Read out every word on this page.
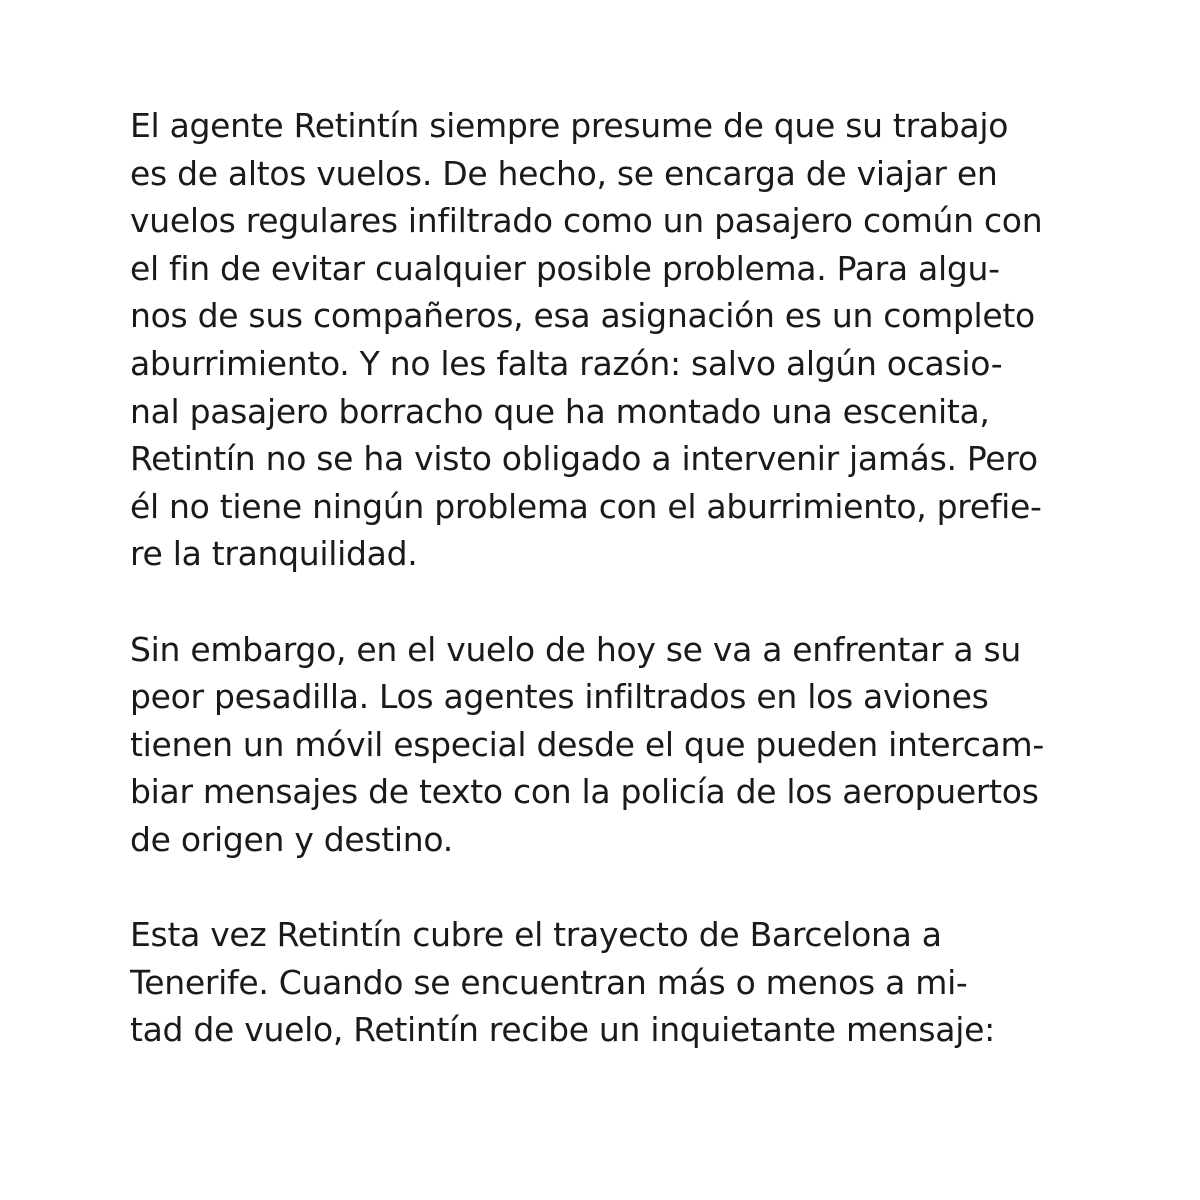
El agente Retintín siempre presume de que su trabajo
es de altos vuelos. De hecho, se encarga de viajar en
vuelos regulares infiltrado como un pasajero común con
el fin de evitar cualquier posible problema. Para algu-
nos de sus compañeros, esa asignación es un completo
aburrimiento. Y no les falta razón: salvo algún ocasio-
nal pasajero borracho que ha montado una escenita,
Retintín no se ha visto obligado a intervenir jamás. Pero
él no tiene ningún problema con el aburrimiento, prefie-
re la tranquilidad.

Sin embargo, en el vuelo de hoy se va a enfrentar a su
peor pesadilla. Los agentes infiltrados en los aviones
tienen un móvil especial desde el que pueden intercam-
biar mensajes de texto con la policía de los aeropuertos
de origen y destino.

Esta vez Retintín cubre el trayecto de Barcelona a
Tenerife. Cuando se encuentran más o menos a mi-
tad de vuelo, Retintín recibe un inquietante mensaje:
